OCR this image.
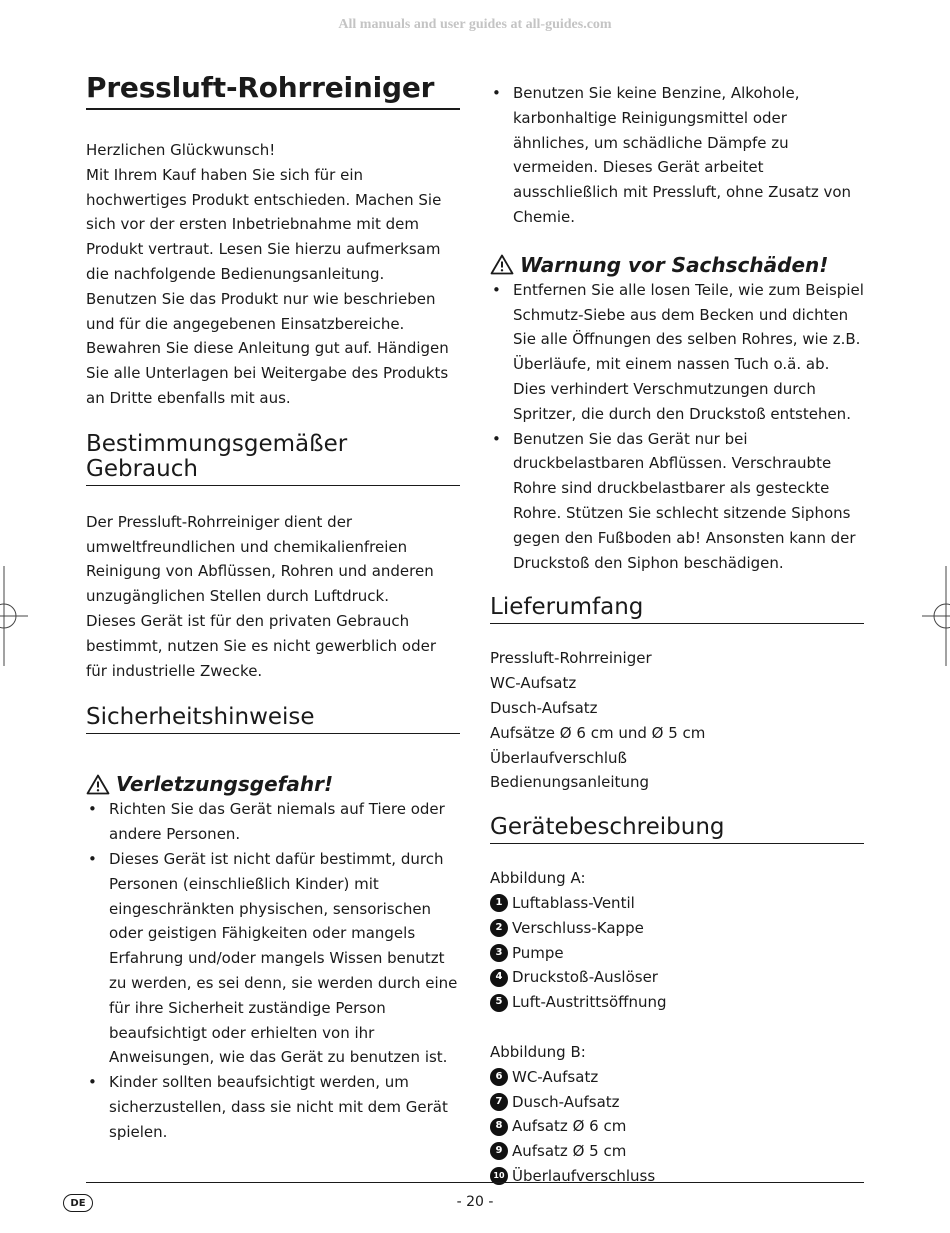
All manuals and user guides at all-guides.com
Pressluft-Rohrreiniger

Herzlichen Glückwunsch!

Mit Ihrem Kauf haben Sie sich für ein hochwertiges Produkt entschieden. Machen Sie sich vor der ersten Inbetriebnahme mit dem Produkt vertraut. Lesen Sie hierzu aufmerksam die nachfolgende Bedienungsanleitung. Benutzen Sie das Produkt nur wie beschrieben und für die angegebenen Einsatzbereiche. Bewahren Sie diese Anleitung gut auf. Händigen Sie alle Unterlagen bei Weitergabe des Produkts an Dritte ebenfalls mit aus.

Bestimmungsgemäßer
Gebrauch

Der Pressluft-Rohrreiniger dient der umweltfreundlichen und chemikalienfreien Reinigung von Abflüssen, Rohren und anderen unzugänglichen Stellen durch Luftdruck.

Dieses Gerät ist für den privaten Gebrauch bestimmt, nutzen Sie es nicht gewerblich oder für industrielle Zwecke.

Sicherheitshinweise
Verletzungsgefahr!
• Richten Sie das Gerät niemals auf Tiere oder andere Personen.
• Dieses Gerät ist nicht dafür bestimmt, durch Personen (einschließlich Kinder) mit eingeschränkten physischen, sensorischen oder geistigen Fähigkeiten oder mangels Erfahrung und/oder mangels Wissen benutzt zu werden, es sei denn, sie werden durch eine für ihre Sicherheit zuständige Person beaufsichtigt oder erhielten von ihr Anweisungen, wie das Gerät zu benutzen ist.
• Kinder sollten beaufsichtigt werden, um sicherzustellen, dass sie nicht mit dem Gerät spielen.
• Benutzen Sie keine Benzine, Alkohole, karbonhaltige Reinigungsmittel oder ähnliches, um schädliche Dämpfe zu vermeiden. Dieses Gerät arbeitet ausschließlich mit Pressluft, ohne Zusatz von Chemie.
Warnung vor Sachschäden!
• Entfernen Sie alle losen Teile, wie zum Beispiel Schmutz-Siebe aus dem Becken und dichten Sie alle Öffnungen des selben Rohres, wie z.B. Überläufe, mit einem nassen Tuch o.ä. ab. Dies verhindert Verschmutzungen durch Spritzer, die durch den Druckstoß entstehen.
• Benutzen Sie das Gerät nur bei druckbelastbaren Abflüssen. Verschraubte Rohre sind druckbelastbarer als gesteckte Rohre. Stützen Sie schlecht sitzende Siphons gegen den Fußboden ab! Ansonsten kann der Druckstoß den Siphon beschädigen.
Lieferumfang

Pressluft-Rohrreiniger

WC-Aufsatz

Dusch-Aufsatz

Aufsätze Ø 6 cm und Ø 5 cm

Überlaufverschluß

Bedienungsanleitung

Gerätebeschreibung

Abbildung A:

1 Luftablass-Ventil
2 Verschluss-Kappe
3 Pumpe
4 Druckstoß-Auslöser
5 Luft-Austrittsöffnung

Abbildung B:

6 WC-Aufsatz
7 Dusch-Aufsatz
8 Aufsatz Ø 6 cm
9 Aufsatz Ø 5 cm
10 Überlaufverschluss
DE	- 20 -
